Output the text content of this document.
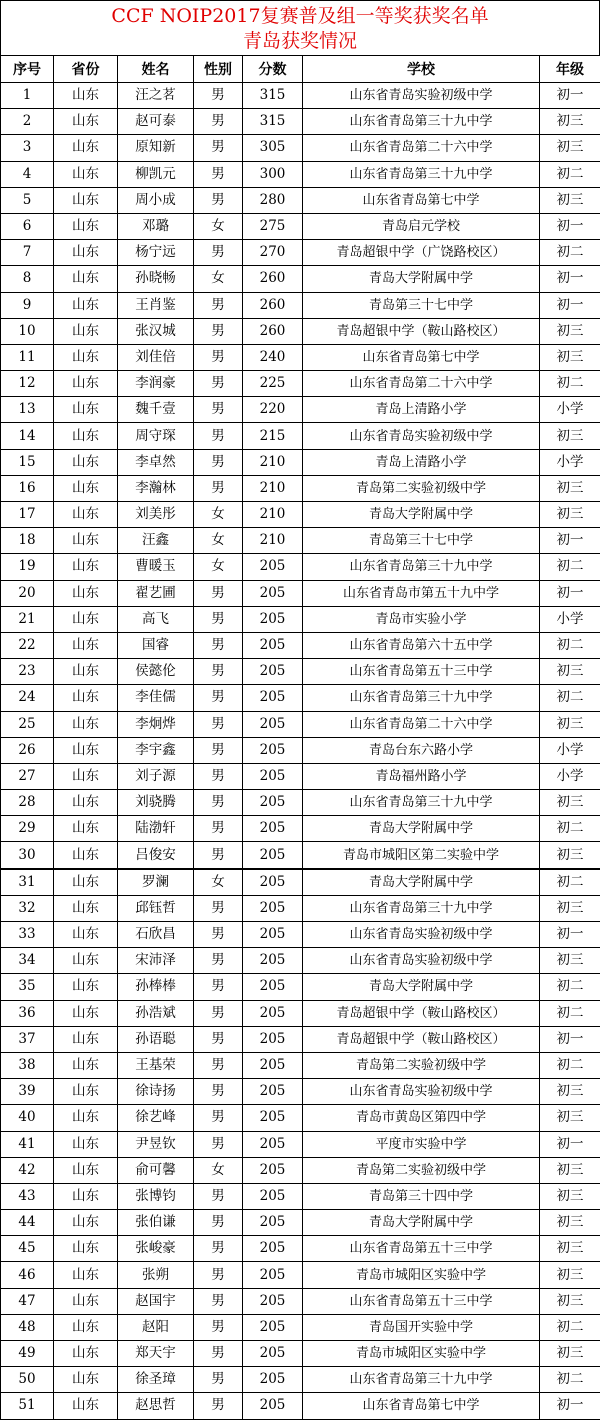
CCF NOIP2017复赛普及组一等奖获奖名单
青岛获奖情况
序号	省份	姓名	性别	分数	学校	年级
1	山东	汪之茗	男	315	山东省青岛实验初级中学	初一
2	山东	赵可泰	男	315	山东省青岛第三十九中学	初三
3	山东	原知新	男	305	山东省青岛第二十六中学	初三
4	山东	柳凯元	男	300	山东省青岛第三十九中学	初二
5	山东	周小成	男	280	山东省青岛第七中学	初三
6	山东	邓璐	女	275	青岛启元学校	初一
7	山东	杨宁远	男	270	青岛超银中学（广饶路校区）	初二
8	山东	孙晓畅	女	260	青岛大学附属中学	初一
9	山东	王肖鉴	男	260	青岛第三十七中学	初一
10	山东	张汉城	男	260	青岛超银中学（鞍山路校区）	初三
11	山东	刘佳倍	男	240	山东省青岛第七中学	初三
12	山东	李润豪	男	225	山东省青岛第二十六中学	初二
13	山东	魏千壹	男	220	青岛上清路小学	小学
14	山东	周守琛	男	215	山东省青岛实验初级中学	初三
15	山东	李卓然	男	210	青岛上清路小学	小学
16	山东	李瀚林	男	210	青岛第二实验初级中学	初三
17	山东	刘美彤	女	210	青岛大学附属中学	初三
18	山东	汪鑫	女	210	青岛第三十七中学	初一
19	山东	曹暖玉	女	205	山东省青岛第三十九中学	初二
20	山东	翟艺圃	男	205	山东省青岛市第五十九中学	初一
21	山东	高飞	男	205	青岛市实验小学	小学
22	山东	国睿	男	205	山东省青岛第六十五中学	初二
23	山东	侯懿伦	男	205	山东省青岛第五十三中学	初三
24	山东	李佳儒	男	205	山东省青岛第三十九中学	初二
25	山东	李炯烨	男	205	山东省青岛第二十六中学	初三
26	山东	李宇鑫	男	205	青岛台东六路小学	小学
27	山东	刘子源	男	205	青岛福州路小学	小学
28	山东	刘骁腾	男	205	山东省青岛第三十九中学	初三
29	山东	陆渤轩	男	205	青岛大学附属中学	初二
30	山东	吕俊安	男	205	青岛市城阳区第二实验中学	初三
31	山东	罗澜	女	205	青岛大学附属中学	初二
32	山东	邱钰哲	男	205	山东省青岛第三十九中学	初三
33	山东	石欣昌	男	205	山东省青岛实验初级中学	初一
34	山东	宋沛泽	男	205	山东省青岛实验初级中学	初三
35	山东	孙棒棒	男	205	青岛大学附属中学	初二
36	山东	孙浩斌	男	205	青岛超银中学（鞍山路校区）	初二
37	山东	孙语聪	男	205	青岛超银中学（鞍山路校区）	初一
38	山东	王基荣	男	205	青岛第二实验初级中学	初二
39	山东	徐诗扬	男	205	山东省青岛实验初级中学	初三
40	山东	徐艺峰	男	205	青岛市黄岛区第四中学	初三
41	山东	尹昱钦	男	205	平度市实验中学	初一
42	山东	俞可馨	女	205	青岛第二实验初级中学	初三
43	山东	张博钧	男	205	青岛第三十四中学	初三
44	山东	张伯谦	男	205	青岛大学附属中学	初三
45	山东	张峻豪	男	205	山东省青岛第五十三中学	初三
46	山东	张朔	男	205	青岛市城阳区实验中学	初三
47	山东	赵国宇	男	205	山东省青岛第五十三中学	初三
48	山东	赵阳	男	205	青岛国开实验中学	初二
49	山东	郑天宇	男	205	青岛市城阳区实验中学	初三
50	山东	徐圣璋	男	205	山东省青岛第三十九中学	初二
51	山东	赵思哲	男	205	山东省青岛第七中学	初一
